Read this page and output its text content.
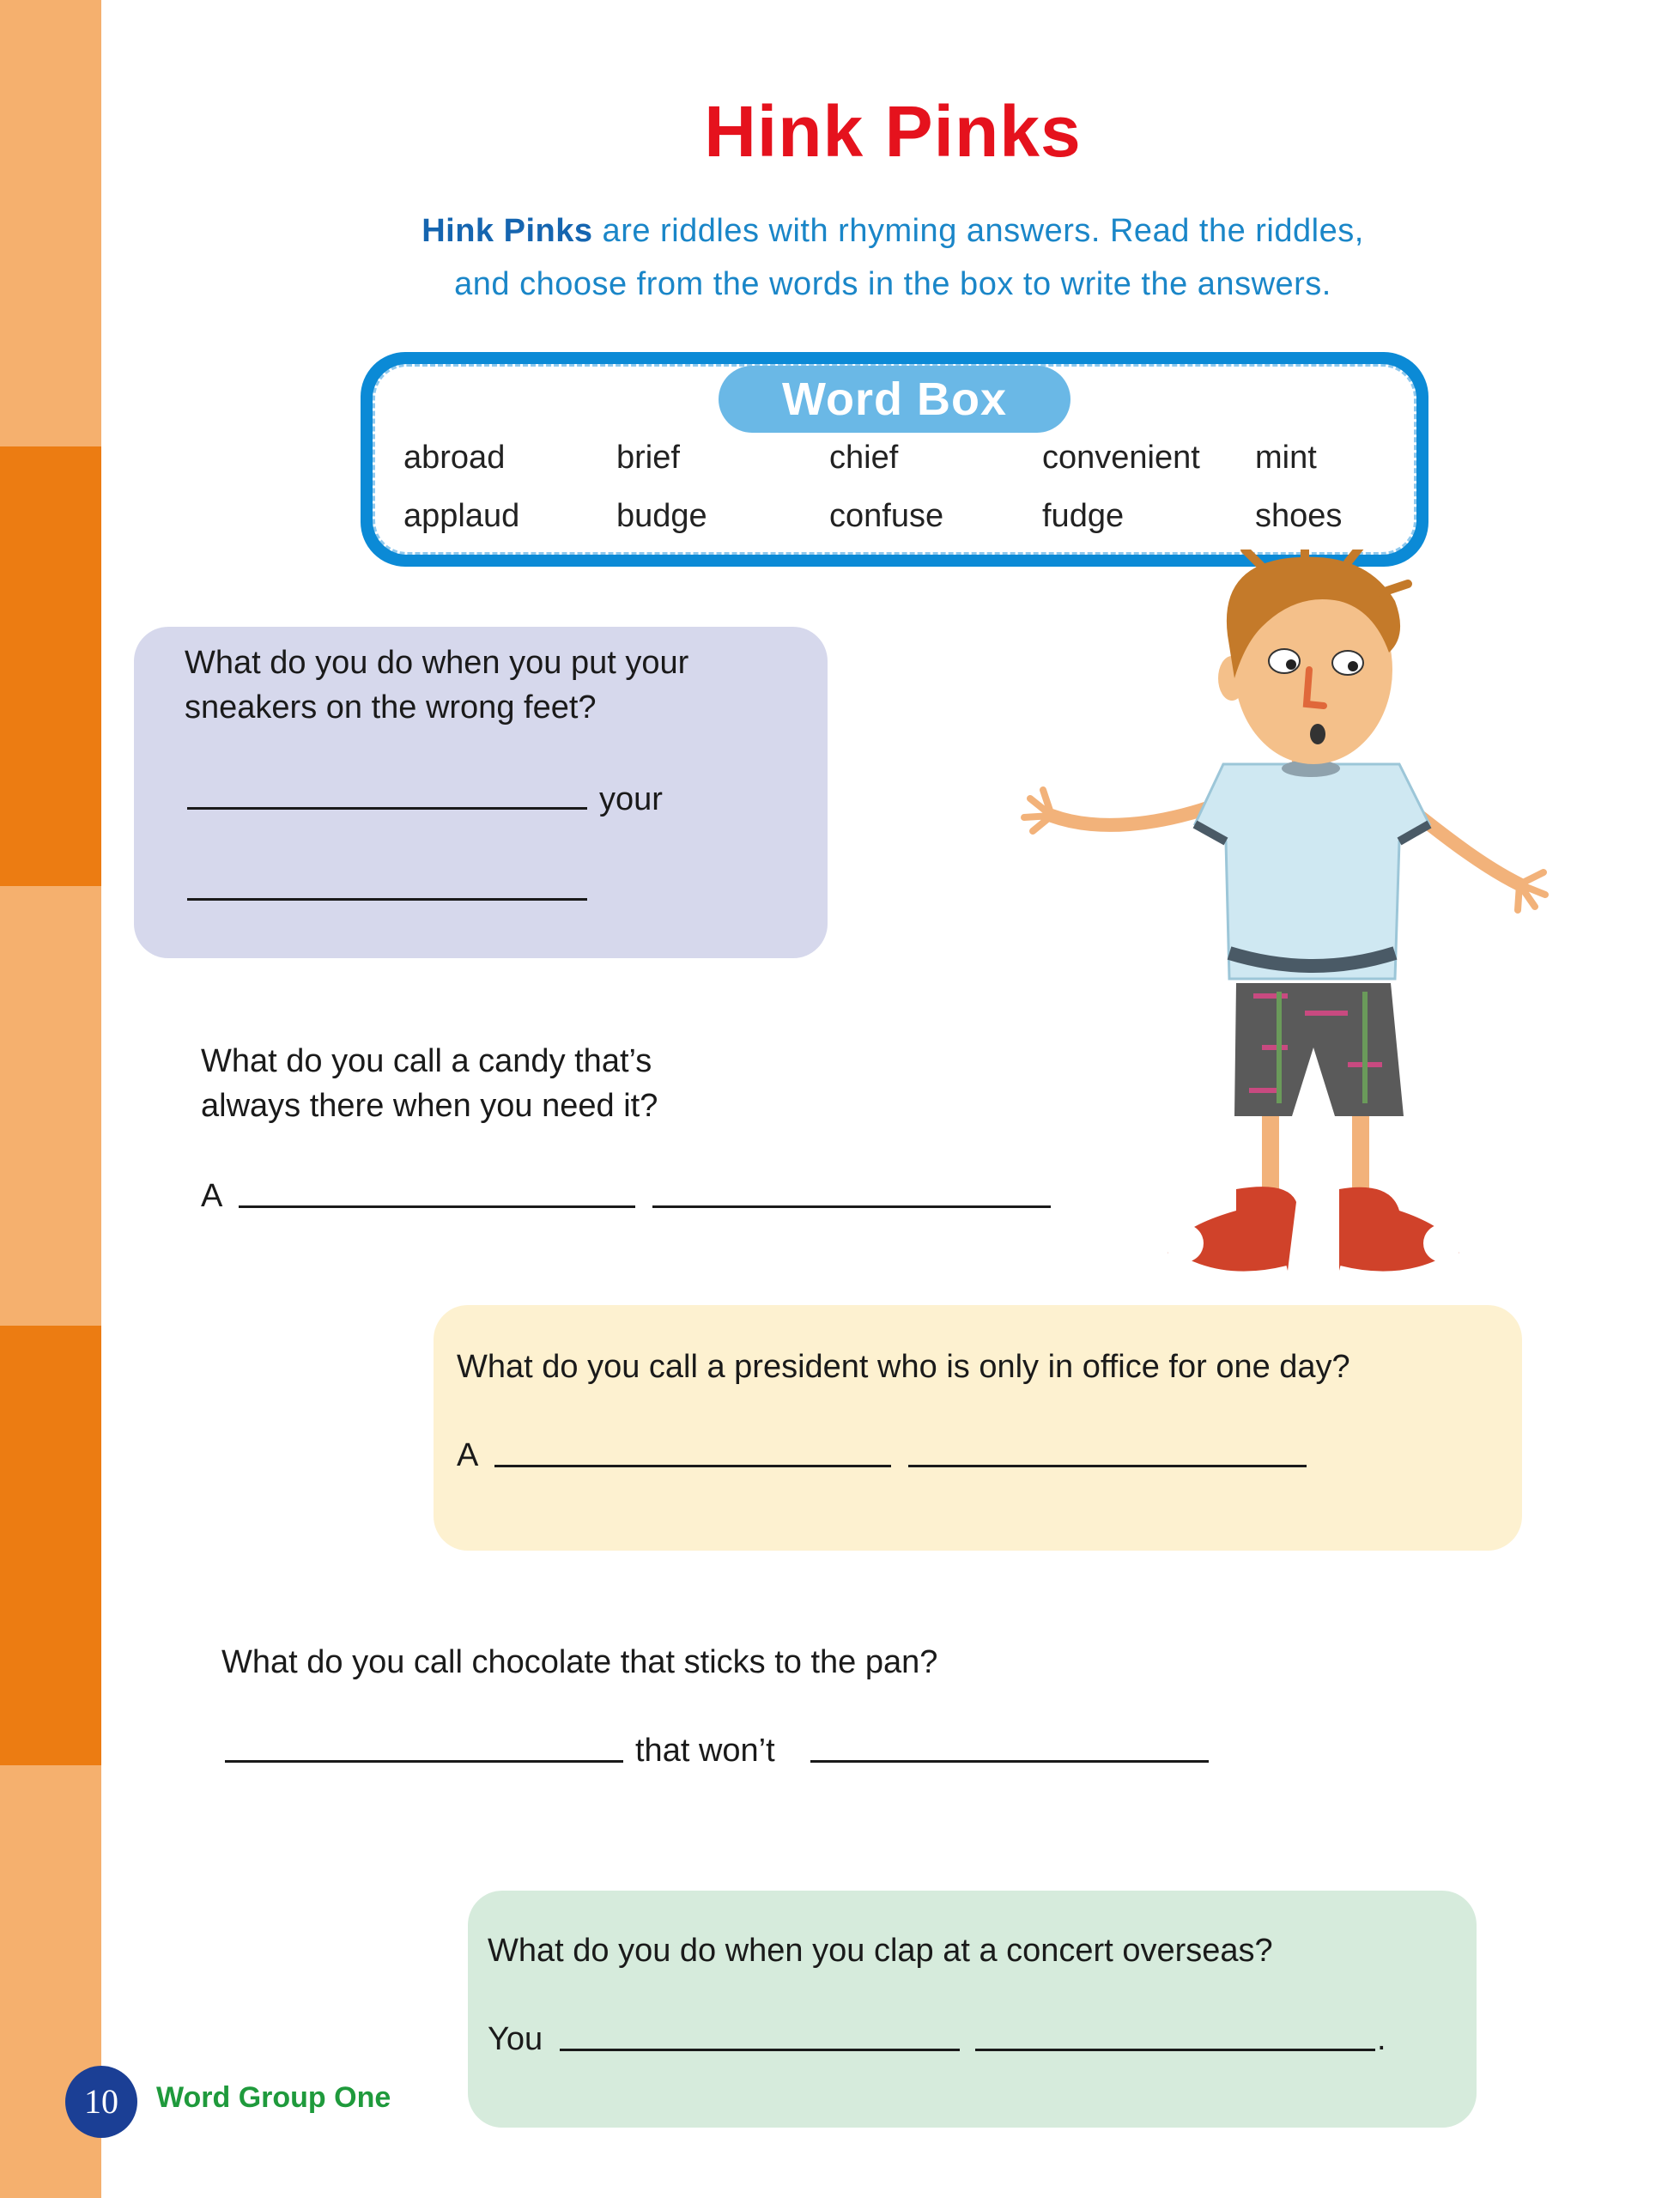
Hink Pinks
Hink Pinks are riddles with rhyming answers. Read the riddles,
and choose from the words in the box to write the answers.
Word Box
abroad	brief	chief	convenient	mint
applaud	budge	confuse	fudge	shoes
What do you do when you put your
sneakers on the wrong feet?
your
What do you call a candy that’s
always there when you need it?
A
What do you call a president who is only in office for one day?
A
What do you call chocolate that sticks to the pan?
that won’t
What do you do when you clap at a concert overseas?
You	.
10	Word Group One
